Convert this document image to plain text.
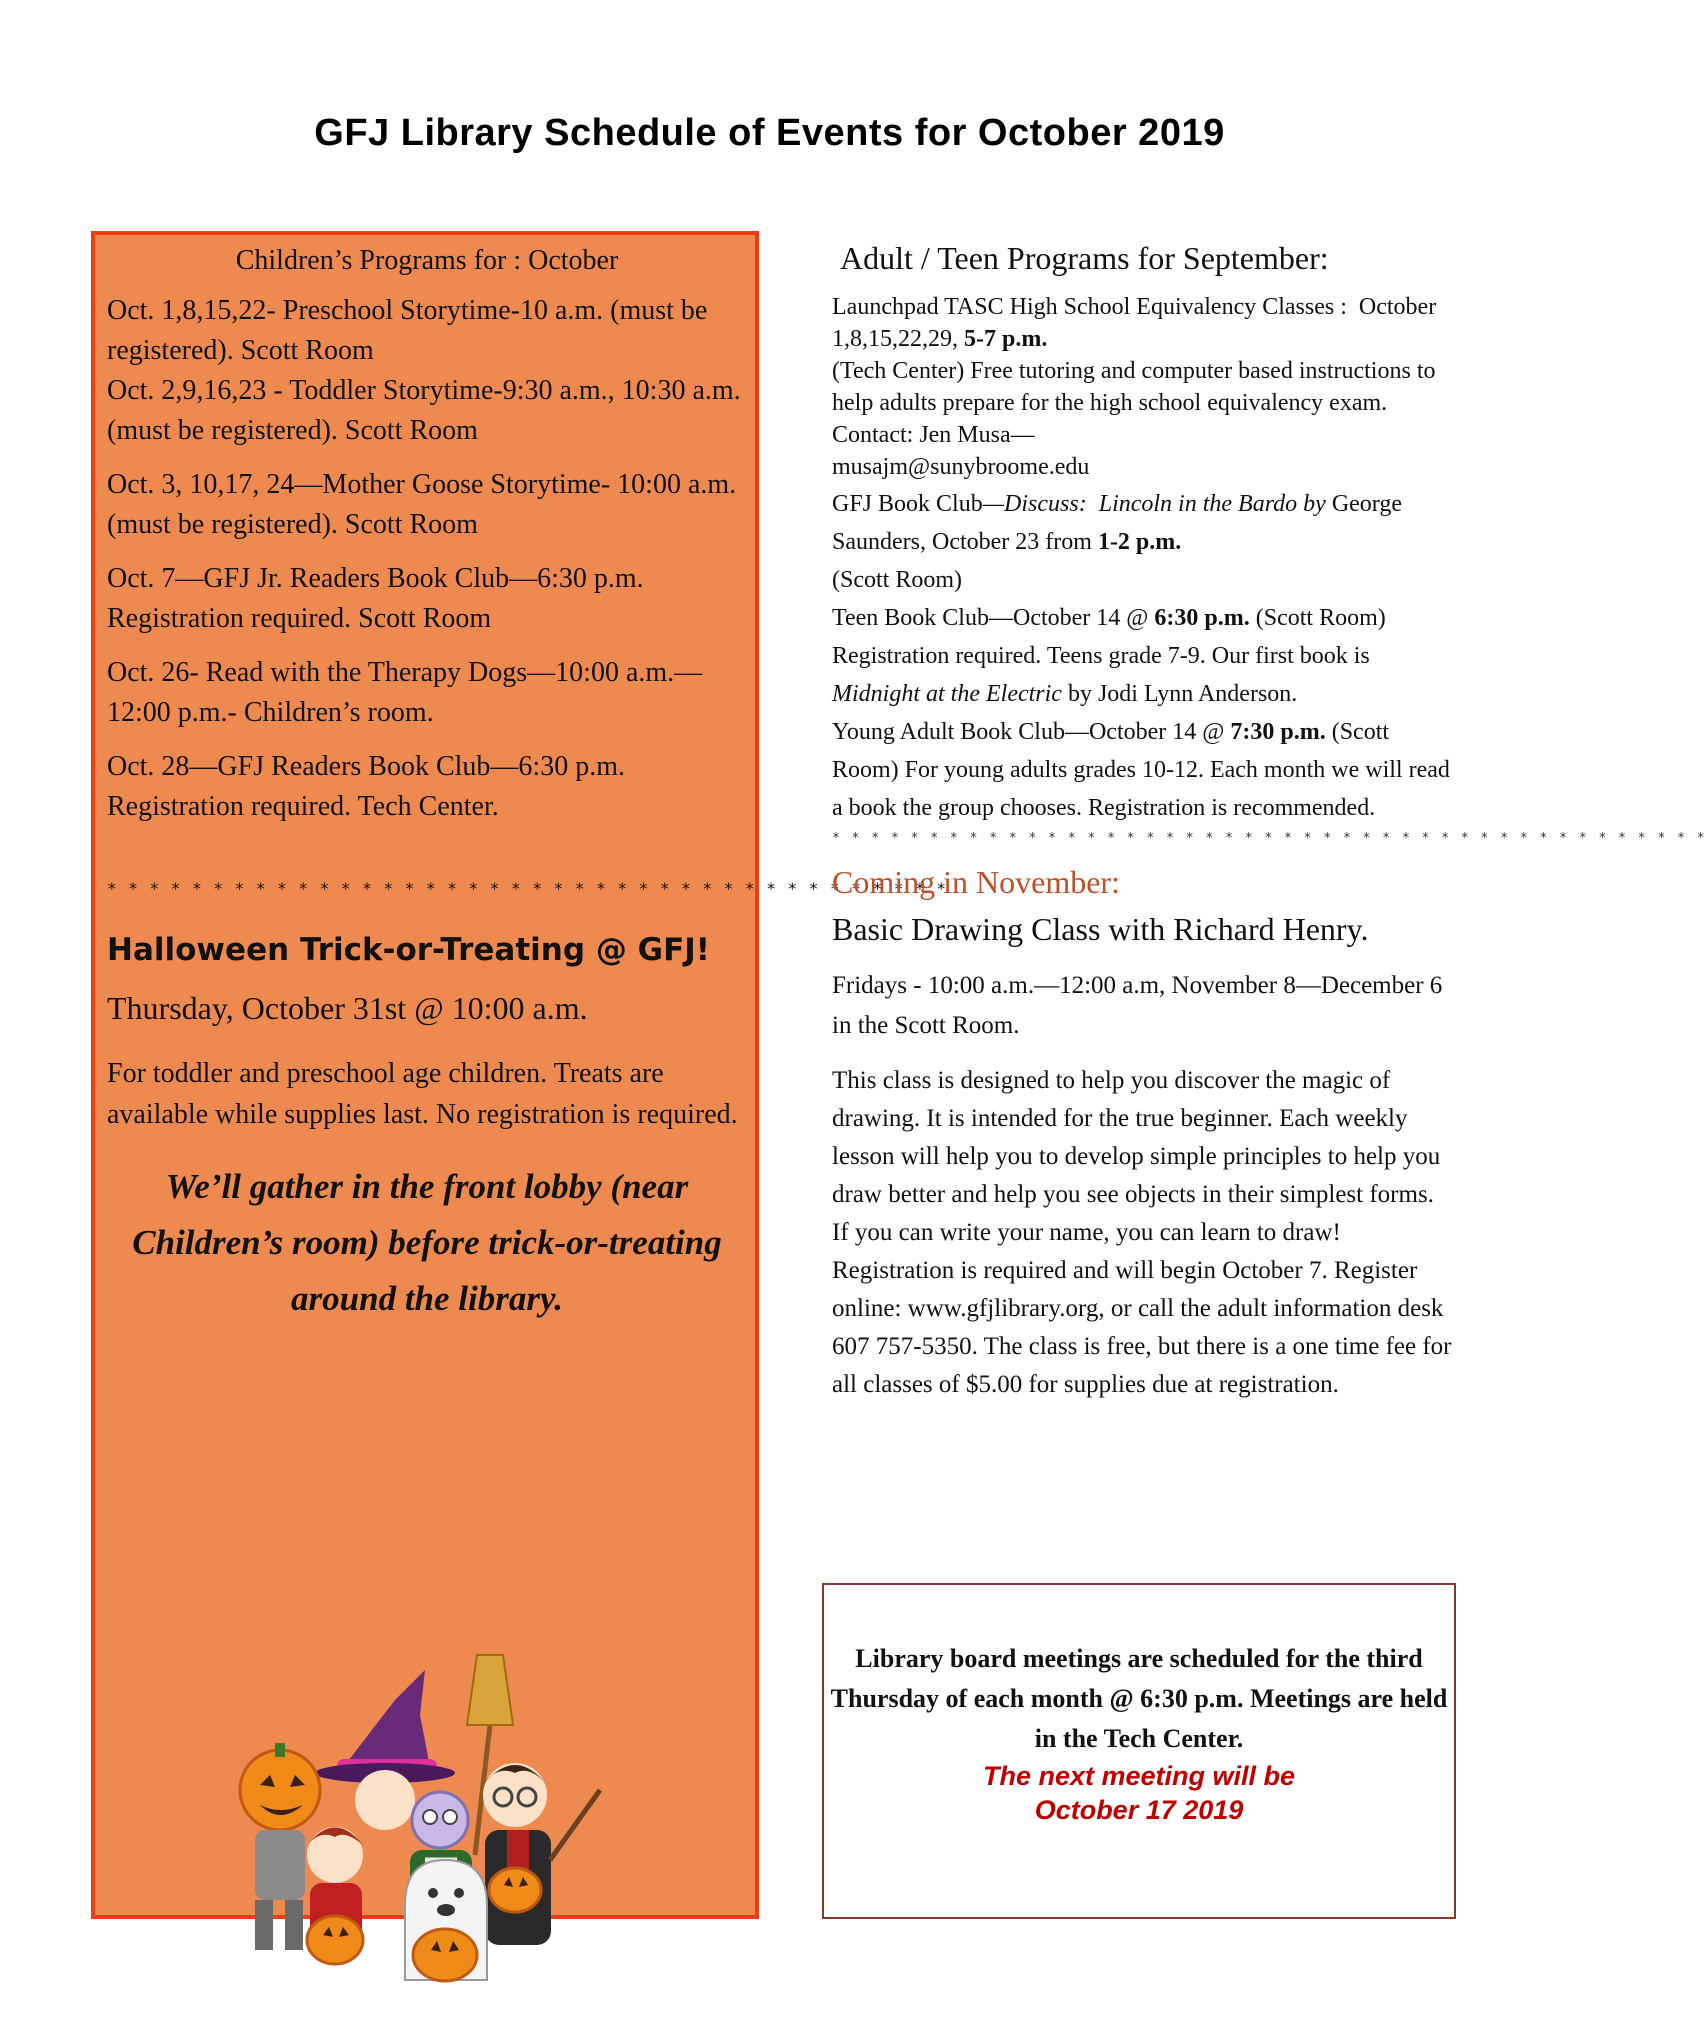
GFJ Library Schedule of Events for October 2019

Children’s Programs for : October

Oct. 1,8,15,22- Preschool Storytime-10 a.m. (must be registered). Scott Room

Oct. 2,9,16,23 - Toddler Storytime-9:30 a.m., 10:30 a.m. (must be registered). Scott Room

Oct. 3, 10,17, 24—Mother Goose Storytime- 10:00 a.m. (must be registered). Scott Room

Oct. 7—GFJ Jr. Readers Book Club—6:30 p.m. Registration required. Scott Room

Oct. 26- Read with the Therapy Dogs—10:00 a.m.—12:00 p.m.- Children’s room.

Oct. 28—GFJ Readers Book Club—6:30 p.m. Registration required. Tech Center.

* * * * * * * * * * * * * * * * * * * * * * * * * * * * * * * * * * * * * * * *
Halloween Trick-or-Treating @ GFJ!
Thursday, October 31st @ 10:00 a.m.

For toddler and preschool age children. Treats are available while supplies last. No registration is required.

We’ll gather in the front lobby (near Children’s room) before trick-or-treating around the library.

Adult / Teen Programs for September:

Launchpad TASC High School Equivalency Classes : October 1,8,15,22,29, 5-7 p.m.
(Tech Center) Free tutoring and computer based instructions to help adults prepare for the high school equivalency exam. Contact: Jen Musa—
musajm@sunybroome.edu

GFJ Book Club—Discuss: Lincoln in the Bardo by George Saunders, October 23 from 1-2 p.m.
(Scott Room)

Teen Book Club—October 14 @ 6:30 p.m. (Scott Room) Registration required. Teens grade 7-9. Our first book is Midnight at the Electric by Jodi Lynn Anderson.

Young Adult Book Club—October 14 @ 7:30 p.m. (Scott Room) For young adults grades 10-12. Each month we will read a book the group chooses. Registration is recommended.

* * * * * * * * * * * * * * * * * * * * * * * * * * * * * * * * * * * * * * * * * * * * *
Coming in November:
Basic Drawing Class with Richard Henry.

Fridays - 10:00 a.m.—12:00 a.m, November 8—December 6 in the Scott Room.

This class is designed to help you discover the magic of drawing. It is intended for the true beginner. Each weekly lesson will help you to develop simple principles to help you draw better and help you see objects in their simplest forms. If you can write your name, you can learn to draw! Registration is required and will begin October 7. Register online: www.gfjlibrary.org, or call the adult information desk 607 757-5350. The class is free, but there is a one time fee for all classes of $5.00 for supplies due at registration.

Library board meetings are scheduled for the third Thursday of each month @ 6:30 p.m. Meetings are held in the Tech Center.

The next meeting will be

October 17 2019
